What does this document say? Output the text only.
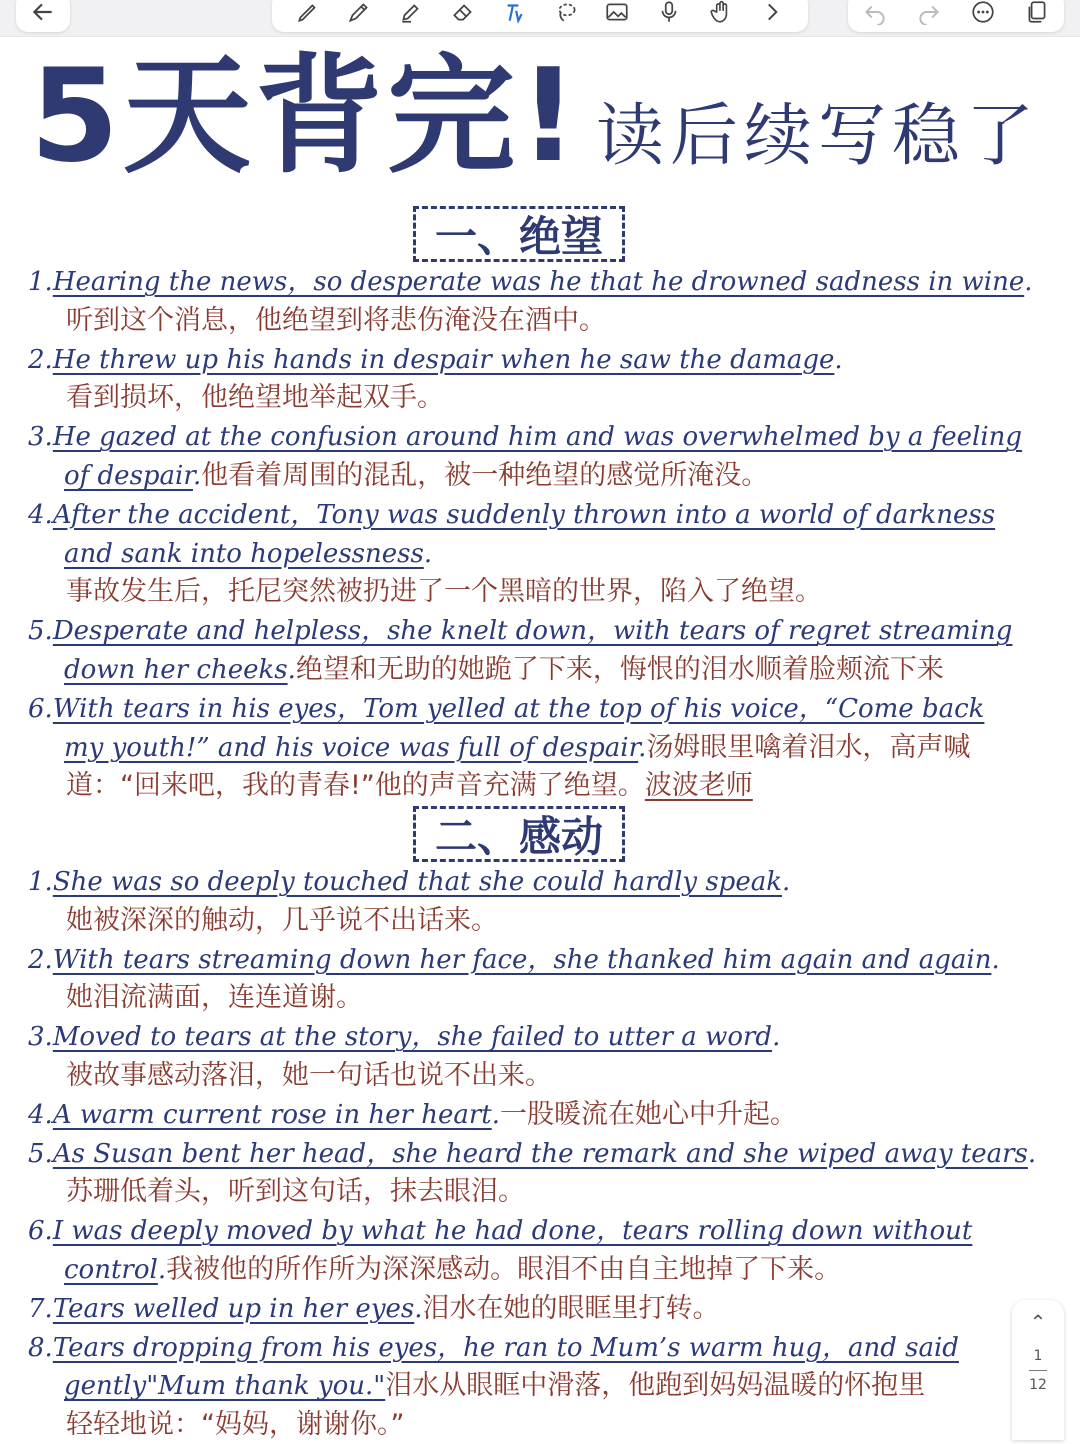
5天背完! 读后续写稳了
一、绝望
二、感动
1.Hearing the news，so desperate was he that he drowned sadness in wine.
听到这个消息，他绝望到将悲伤淹没在酒中。
2.He threw up his hands in despair when he saw the damage.
看到损坏，他绝望地举起双手。
3.He gazed at the confusion around him and was overwhelmed by a feeling
of despair.他看着周围的混乱，被一种绝望的感觉所淹没。
4.After the accident，Tony was suddenly thrown into a world of darkness
and sank into hopelessness.
事故发生后，托尼突然被扔进了一个黑暗的世界，陷入了绝望。
5.Desperate and helpless，she knelt down，with tears of regret streaming
down her cheeks.绝望和无助的她跪了下来，悔恨的泪水顺着脸颊流下来
6.With tears in his eyes，Tom yelled at the top of his voice，“Come back
my youth!” and his voice was full of despair.汤姆眼里噙着泪水，高声喊
道：“回来吧，我的青春!”他的声音充满了绝望。波波老师
1.She was so deeply touched that she could hardly speak.
她被深深的触动，几乎说不出话来。
2.With tears streaming down her face，she thanked him again and again.
她泪流满面，连连道谢。
3.Moved to tears at the story，she failed to utter a word.
被故事感动落泪，她一句话也说不出来。
4.A warm current rose in her heart.一股暖流在她心中升起。
5.As Susan bent her head，she heard the remark and she wiped away tears.
苏珊低着头，听到这句话，抹去眼泪。
6.I was deeply moved by what he had done，tears rolling down without
control.我被他的所作所为深深感动。眼泪不由自主地掉了下来。
7.Tears welled up in her eyes.泪水在她的眼眶里打转。
8.Tears dropping from his eyes，he ran to Mum’s warm hug，and said
gently"Mum thank you."泪水从眼眶中滑落，他跑到妈妈温暖的怀抱里
轻轻地说：“妈妈，谢谢你。”
⌃
1
12
